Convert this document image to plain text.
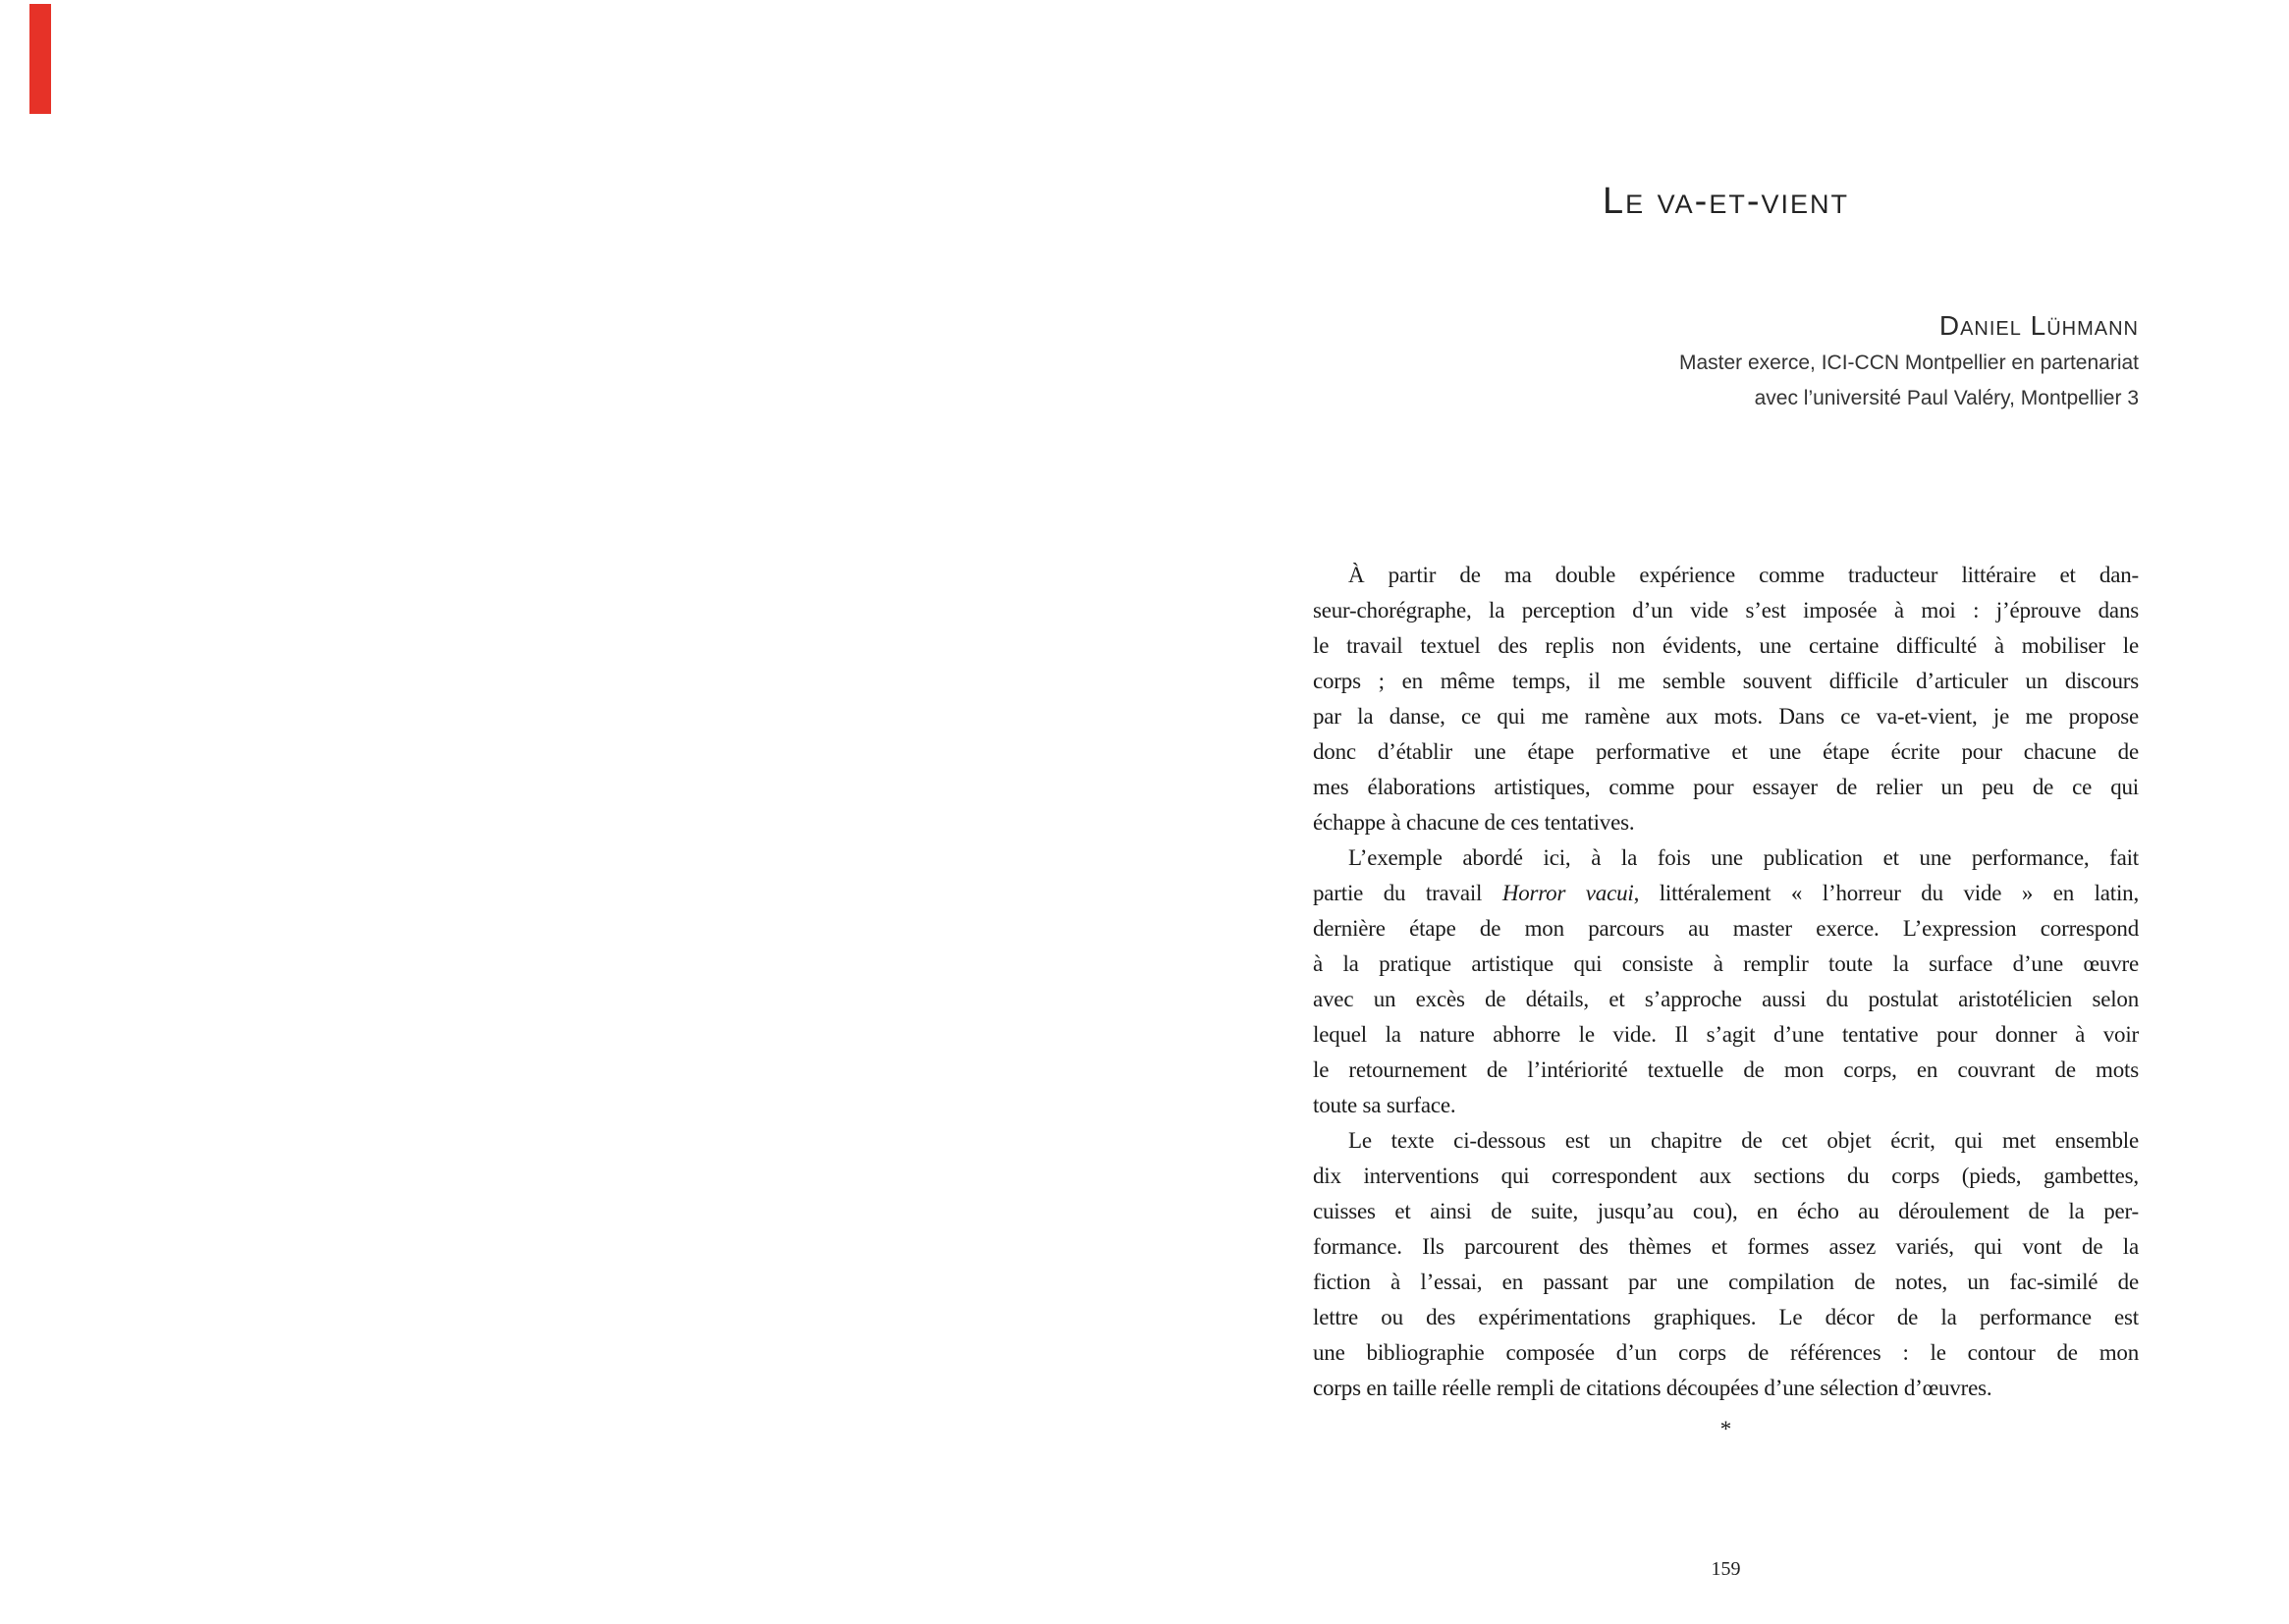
Le va-et-vient
Daniel Lühmann
Master exerce, ICI-CCN Montpellier en partenariat
avec l’université Paul Valéry, Montpellier 3
À partir de ma double expérience comme traducteur littéraire et dan-
seur-chorégraphe, la perception d’un vide s’est imposée à moi : j’éprouve dans
le travail textuel des replis non évidents, une certaine difficulté à mobiliser le
corps ; en même temps, il me semble souvent difficile d’articuler un discours
par la danse, ce qui me ramène aux mots. Dans ce va-et-vient, je me propose
donc d’établir une étape performative et une étape écrite pour chacune de
mes élaborations artistiques, comme pour essayer de relier un peu de ce qui
échappe à chacune de ces tentatives.
L’exemple abordé ici, à la fois une publication et une performance, fait
partie du travail Horror vacui, littéralement « l’horreur du vide » en latin,
dernière étape de mon parcours au master exerce. L’expression correspond
à la pratique artistique qui consiste à remplir toute la surface d’une œuvre
avec un excès de détails, et s’approche aussi du postulat aristotélicien selon
lequel la nature abhorre le vide. Il s’agit d’une tentative pour donner à voir
le retournement de l’intériorité textuelle de mon corps, en couvrant de mots
toute sa surface.
Le texte ci-dessous est un chapitre de cet objet écrit, qui met ensemble
dix interventions qui correspondent aux sections du corps (pieds, gambettes,
cuisses et ainsi de suite, jusqu’au cou), en écho au déroulement de la per-
formance. Ils parcourent des thèmes et formes assez variés, qui vont de la
fiction à l’essai, en passant par une compilation de notes, un fac-similé de
lettre ou des expérimentations graphiques. Le décor de la performance est
une bibliographie composée d’un corps de références : le contour de mon
corps en taille réelle rempli de citations découpées d’une sélection d’œuvres.
*
159
